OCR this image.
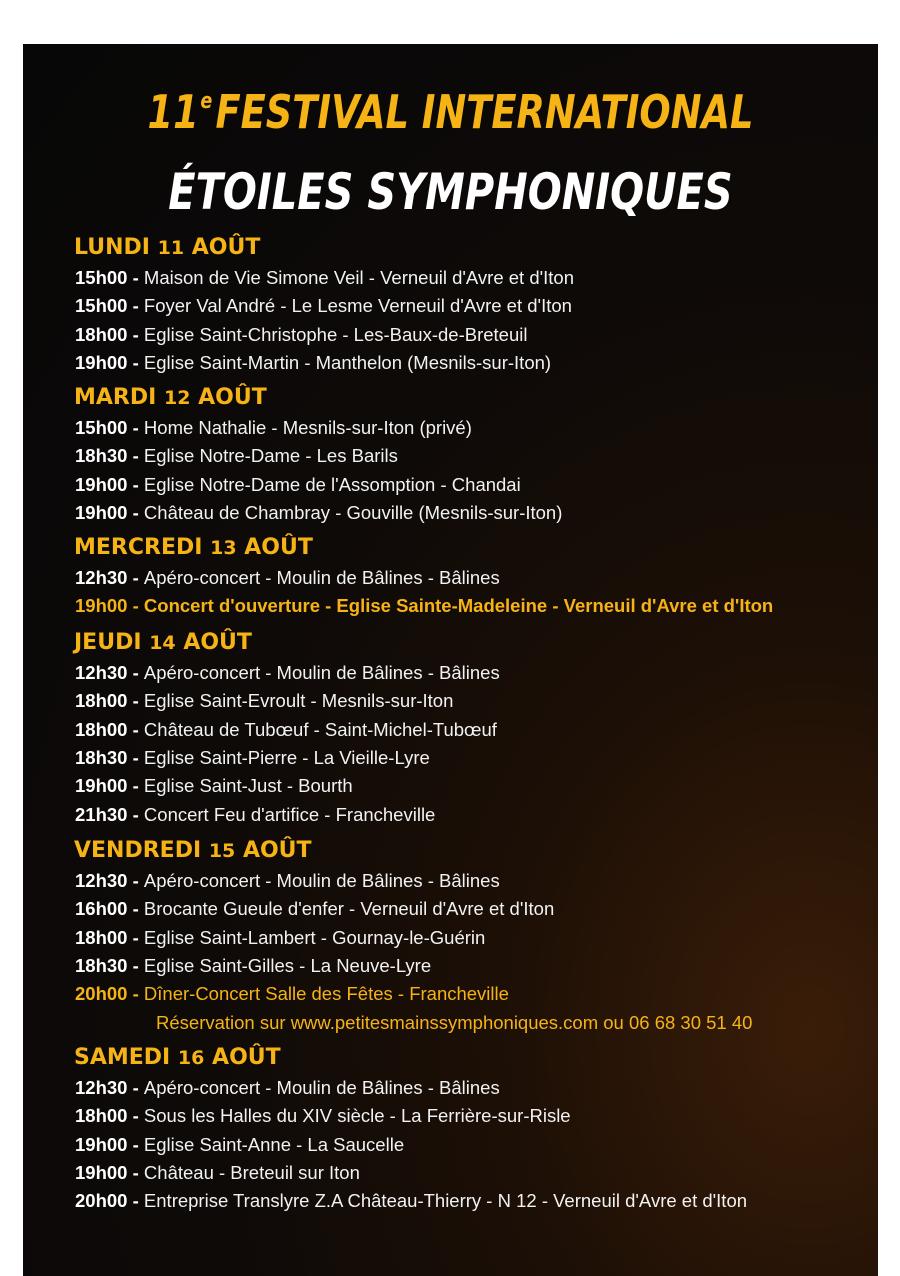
11eFESTIVAL INTERNATIONAL
ÉTOILES SYMPHONIQUES
LUNDI 11 AOÛT
15h00 - Maison de Vie Simone Veil - Verneuil d'Avre et d'Iton
15h00 - Foyer Val André - Le Lesme Verneuil d'Avre et d'Iton
18h00 - Eglise Saint-Christophe - Les-Baux-de-Breteuil
19h00 - Eglise Saint-Martin - Manthelon (Mesnils-sur-Iton)
MARDI 12 AOÛT
15h00 - Home Nathalie - Mesnils-sur-Iton (privé)
18h30 - Eglise Notre-Dame - Les Barils
19h00 - Eglise Notre-Dame de l'Assomption - Chandai
19h00 - Château de Chambray - Gouville (Mesnils-sur-Iton)
MERCREDI 13 AOÛT
12h30 - Apéro-concert - Moulin de Bâlines - Bâlines
19h00 - Concert d'ouverture - Eglise Sainte-Madeleine - Verneuil d'Avre et d'Iton
JEUDI 14 AOÛT
12h30 - Apéro-concert - Moulin de Bâlines - Bâlines
18h00 - Eglise Saint-Evroult - Mesnils-sur-Iton
18h00 - Château de Tubœuf - Saint-Michel-Tubœuf
18h30 - Eglise Saint-Pierre - La Vieille-Lyre
19h00 - Eglise Saint-Just - Bourth
21h30 - Concert Feu d'artifice - Francheville
VENDREDI 15 AOÛT
12h30 - Apéro-concert - Moulin de Bâlines - Bâlines
16h00 - Brocante Gueule d'enfer - Verneuil d'Avre et d'Iton
18h00 - Eglise Saint-Lambert - Gournay-le-Guérin
18h30 - Eglise Saint-Gilles - La Neuve-Lyre
20h00 - Dîner-Concert Salle des Fêtes - Francheville
Réservation sur www.petitesmainssymphoniques.com ou 06 68 30 51 40
SAMEDI 16 AOÛT
12h30 - Apéro-concert - Moulin de Bâlines - Bâlines
18h00 - Sous les Halles du XIV siècle - La Ferrière-sur-Risle
19h00 - Eglise Saint-Anne - La Saucelle
19h00 - Château - Breteuil sur Iton
20h00 - Entreprise Translyre Z.A Château-Thierry - N 12 - Verneuil d'Avre et d'Iton
